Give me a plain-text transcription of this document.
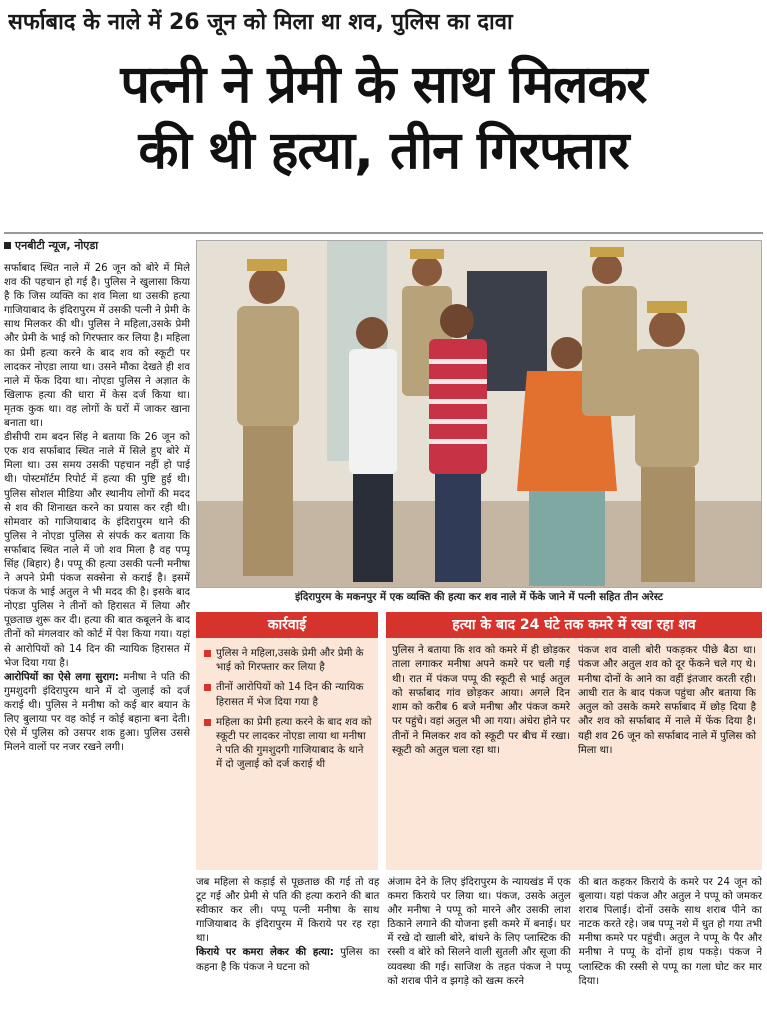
सर्फाबाद के नाले में 26 जून को मिला था शव, पुलिस का दावा
पत्नी ने प्रेमी के साथ मिलकर
की थी हत्या, तीन गिरफ्तार
एनबीटी न्यूज, नोएडा

सर्फाबाद स्थित नाले में 26 जून को बोरे में मिले शव की पहचान हो गई है। पुलिस ने खुलासा किया है कि जिस व्यक्ति का शव मिला था उसकी हत्या गाजियाबाद के इंदिरापुरम में उसकी पत्नी ने प्रेमी के साथ मिलकर की थी। पुलिस ने महिला,उसके प्रेमी और प्रेमी के भाई को गिरफ्तार कर लिया है। महिला का प्रेमी हत्या करने के बाद शव को स्कूटी पर लादकर नोएडा लाया था। उसने मौका देखते ही शव नाले में फेंक दिया था। नोएडा पुलिस ने अज्ञात के खिलाफ हत्या की धारा में केस दर्ज किया था। मृतक कुक था। वह लोगों के घरों में जाकर खाना बनाता था।

डीसीपी राम बदन सिंह ने बताया कि 26 जून को एक शव सर्फाबाद स्थित नाले में सिले हुए बोरे में मिला था। उस समय उसकी पहचान नहीं हो पाई थी। पोस्टमॉर्टम रिपोर्ट में हत्या की पुष्टि हुई थी। पुलिस सोशल मीडिया और स्थानीय लोगों की मदद से शव की शिनाख्त करने का प्रयास कर रही थी। सोमवार को गाजियाबाद के इंदिरापुरम थाने की पुलिस ने नोएडा पुलिस से संपर्क कर बताया कि सर्फाबाद स्थित नाले में जो शव मिला है वह पप्पू सिंह (बिहार) है। पप्पू की हत्या उसकी पत्नी मनीषा ने अपने प्रेमी पंकज सक्सेना से कराई है। इसमें पंकज के भाई अतुल ने भी मदद की है। इसके बाद नोएडा पुलिस ने तीनों को हिरासत में लिया और पूछताछ शुरू कर दी। हत्या की बात कबूलने के बाद तीनों को मंगलवार को कोर्ट में पेश किया गया। यहां से आरोपियों को 14 दिन की न्यायिक हिरासत में भेज दिया गया है।

आरोपियों का ऐसे लगा सुराग: मनीषा ने पति की गुमशुदगी इंदिरापुरम थाने में दो जुलाई को दर्ज कराई थी। पुलिस ने मनीषा को कई बार बयान के लिए बुलाया पर वह कोई न कोई बहाना बना देती। ऐसे में पुलिस को उसपर शक हुआ। पुलिस उससे मिलने वालों पर नजर रखने लगी।

इंदिरापुरम के मकनपुर में एक व्यक्ति की हत्या कर शव नाले में फेंके जाने में पत्नी सहित तीन अरेस्ट
कार्रवाई
पुलिस ने महिला,उसके प्रेमी और प्रेमी के भाई को गिरफ्तार कर लिया है
तीनों आरोपियों को 14 दिन की न्यायिक हिरासत में भेज दिया गया है
महिला का प्रेमी हत्या करने के बाद शव को स्कूटी पर लादकर नोएडा लाया था मनीषा ने पति की गुमशुदगी गाजियाबाद के थाने में दो जुलाई को दर्ज कराई थी
हत्या के बाद 24 घंटे तक कमरे में रखा रहा शव

पुलिस ने बताया कि शव को कमरे में ही छोड़कर ताला लगाकर मनीषा अपने कमरे पर चली गई थी। रात में पंकज पप्पू की स्कूटी से भाई अतुल को सर्फाबाद गांव छोड़कर आया। अगले दिन शाम को करीब 6 बजे मनीषा और पंकज कमरे पर पहुंचे। वहां अतुल भी आ गया। अंधेरा होने पर तीनों ने मिलकर शव को स्कूटी पर बीच में रखा। स्कूटी को अतुल चला रहा था।

पंकज शव वाली बोरी पकड़कर पीछे बैठा था। पंकज और अतुल शव को दूर फेंकने चले गए थे। मनीषा दोनों के आने का वहीं इंतजार करती रही। आधी रात के बाद पंकज पहुंचा और बताया कि अतुल को उसके कमरे सर्फाबाद में छोड़ दिया है और शव को सर्फाबाद में नाले में फेंक दिया है। यही शव 26 जून को सर्फाबाद नाले में पुलिस को मिला था।

जब महिला से कड़ाई से पूछताछ की गई तो वह टूट गई और प्रेमी से पति की हत्या कराने की बात स्वीकार कर ली। पप्पू पत्नी मनीषा के साथ गाजियाबाद के इंदिरापुरम में किराये पर रह रहा था।
किराये पर कमरा लेकर की हत्या: पुलिस का कहना है कि पंकज ने घटना को
अंजाम देने के लिए इंदिरापुरम के न्यायखंड में एक कमरा किराये पर लिया था। पंकज, उसके अतुल और मनीषा ने पप्पू को मारने और उसकी लाश ठिकाने लगाने की योजना इसी कमरे में बनाई। घर में रखे दो खाली बोरे, बांधने के लिए प्लास्टिक की रस्सी व बोरे को सिलने वाली सुतली और सूजा की व्यवस्था की गई। साजिश के तहत पंकज ने पप्पू को शराब पीने व झगड़े को खत्म करने
की बात कहकर किराये के कमरे पर 24 जून को बुलाया। यहां पंकज और अतुल ने पप्पू को जमकर शराब पिलाई। दोनों उसके साथ शराब पीने का नाटक करते रहे। जब पप्पू नशे में धुत हो गया तभी मनीषा कमरे पर पहुंची। अतुल ने पप्पू के पैर और मनीषा ने पप्पू के दोनों हाथ पकड़े। पंकज ने प्लास्टिक की रस्सी से पप्पू का गला घोट कर मार दिया।
